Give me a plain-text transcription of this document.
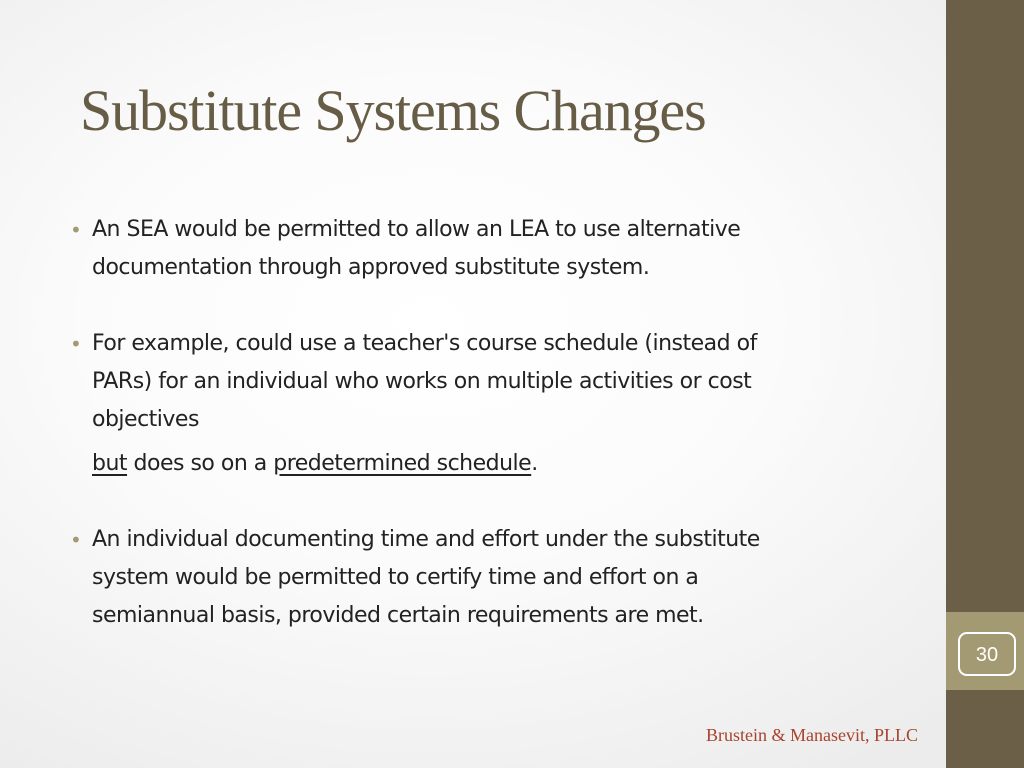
30
Substitute Systems Changes
• An SEA would be permitted to allow an LEA to use alternative
documentation through approved substitute system.
• For example, could use a teacher's course schedule (instead of
PARs) for an individual who works on multiple activities or cost
objectives
but does so on a predetermined schedule.
• An individual documenting time and effort under the substitute
system would be permitted to certify time and effort on a
semiannual basis, provided certain requirements are met.
Brustein & Manasevit, PLLC
